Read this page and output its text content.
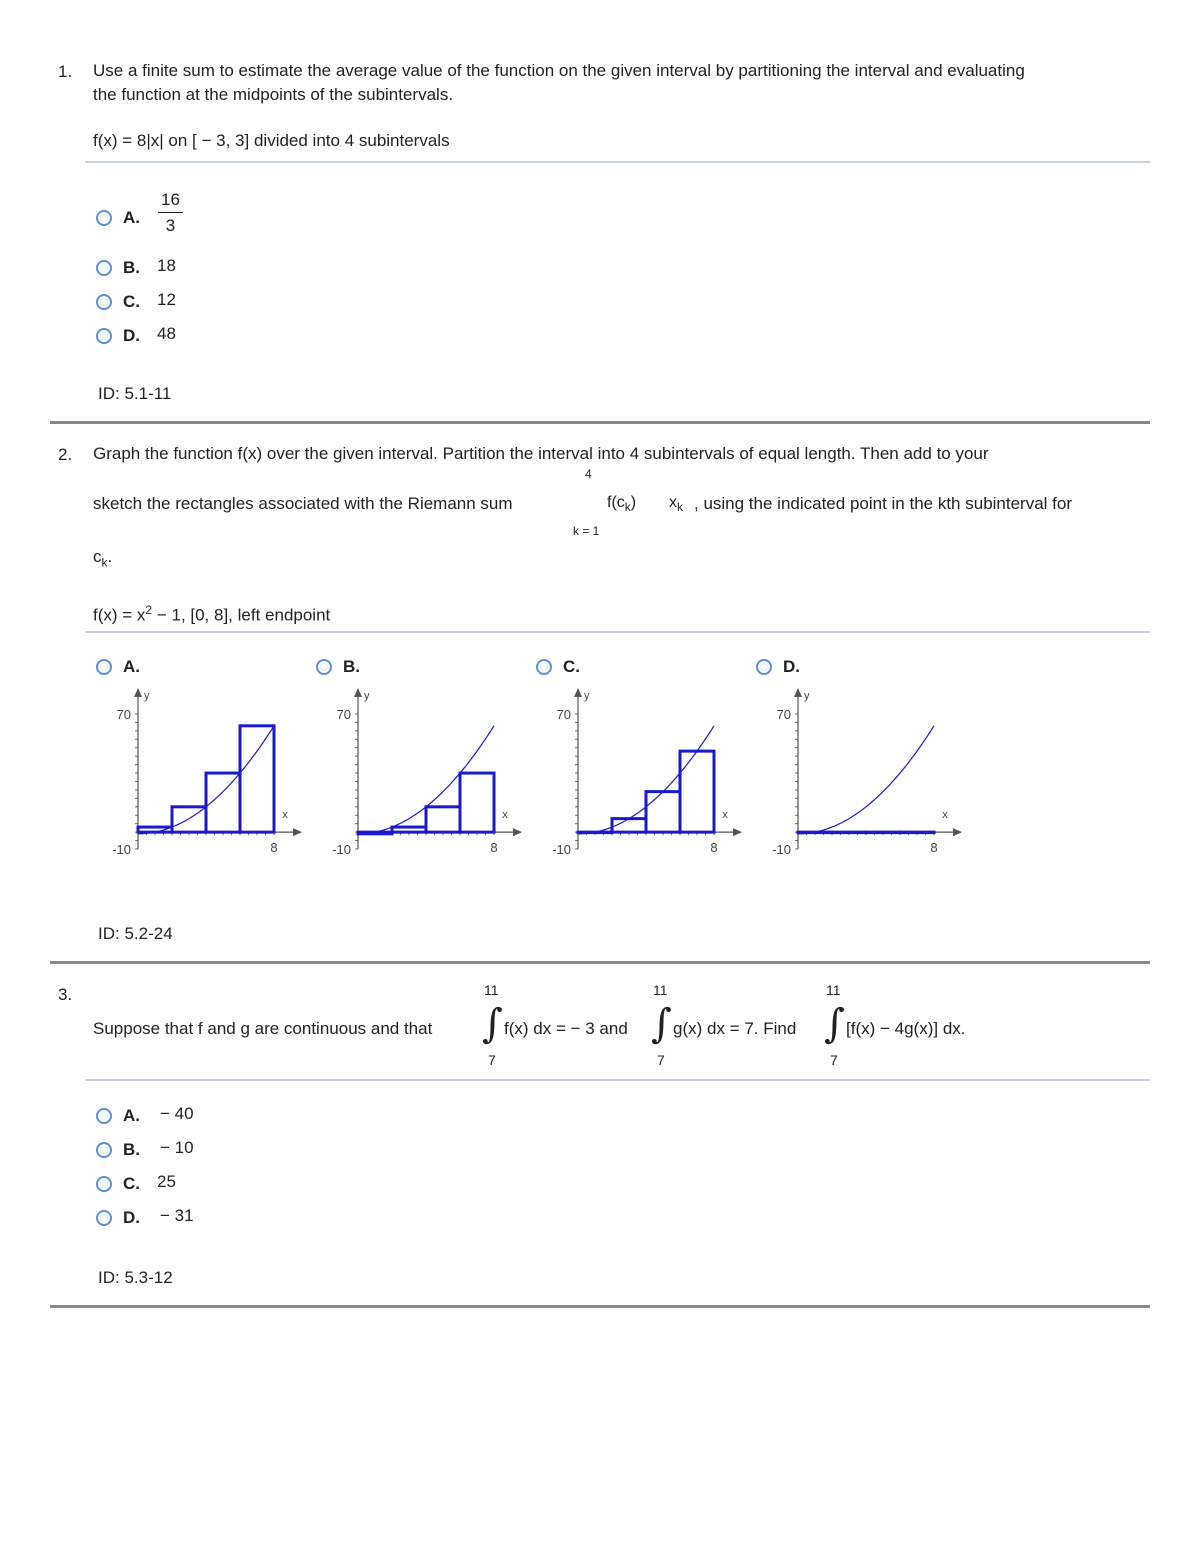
1. Use a finite sum to estimate the average value of the function on the given interval by partitioning the interval and evaluating
the function at the midpoints of the subintervals.
f(x) = 8|x| on [ − 3, 3] divided into 4 subintervals
A. $\frac{16}{3}$
B. 18
C. 12
D. 48
ID: 5.1-11
2. Graph the function f(x) over the given interval. Partition the interval into 4 subintervals of equal length. Then add to your
4
sketch the rectangles associated with the Riemann sum
k = 1
$f(c_k)$ $x_k$ , using the indicated point in the kth subinterval for
$c_k$.
$f(x) = x^2 - 1$, [0, 8], left endpoint
A.
y
70
-10
x
8
B.
y
70
-10
x
8
C.
y
70
-10
x
8
D.
y
70
-10
x
8
ID: 5.2-24
3.
Suppose that f and g are continuous and that
11
∫
7
f(x) dx = − 3 and
11
∫
7
g(x) dx = 7. Find
11
∫
7
[f(x) − 4g(x)] dx.
A. − 40
B. − 10
C. 25
D. − 31
ID: 5.3-12
